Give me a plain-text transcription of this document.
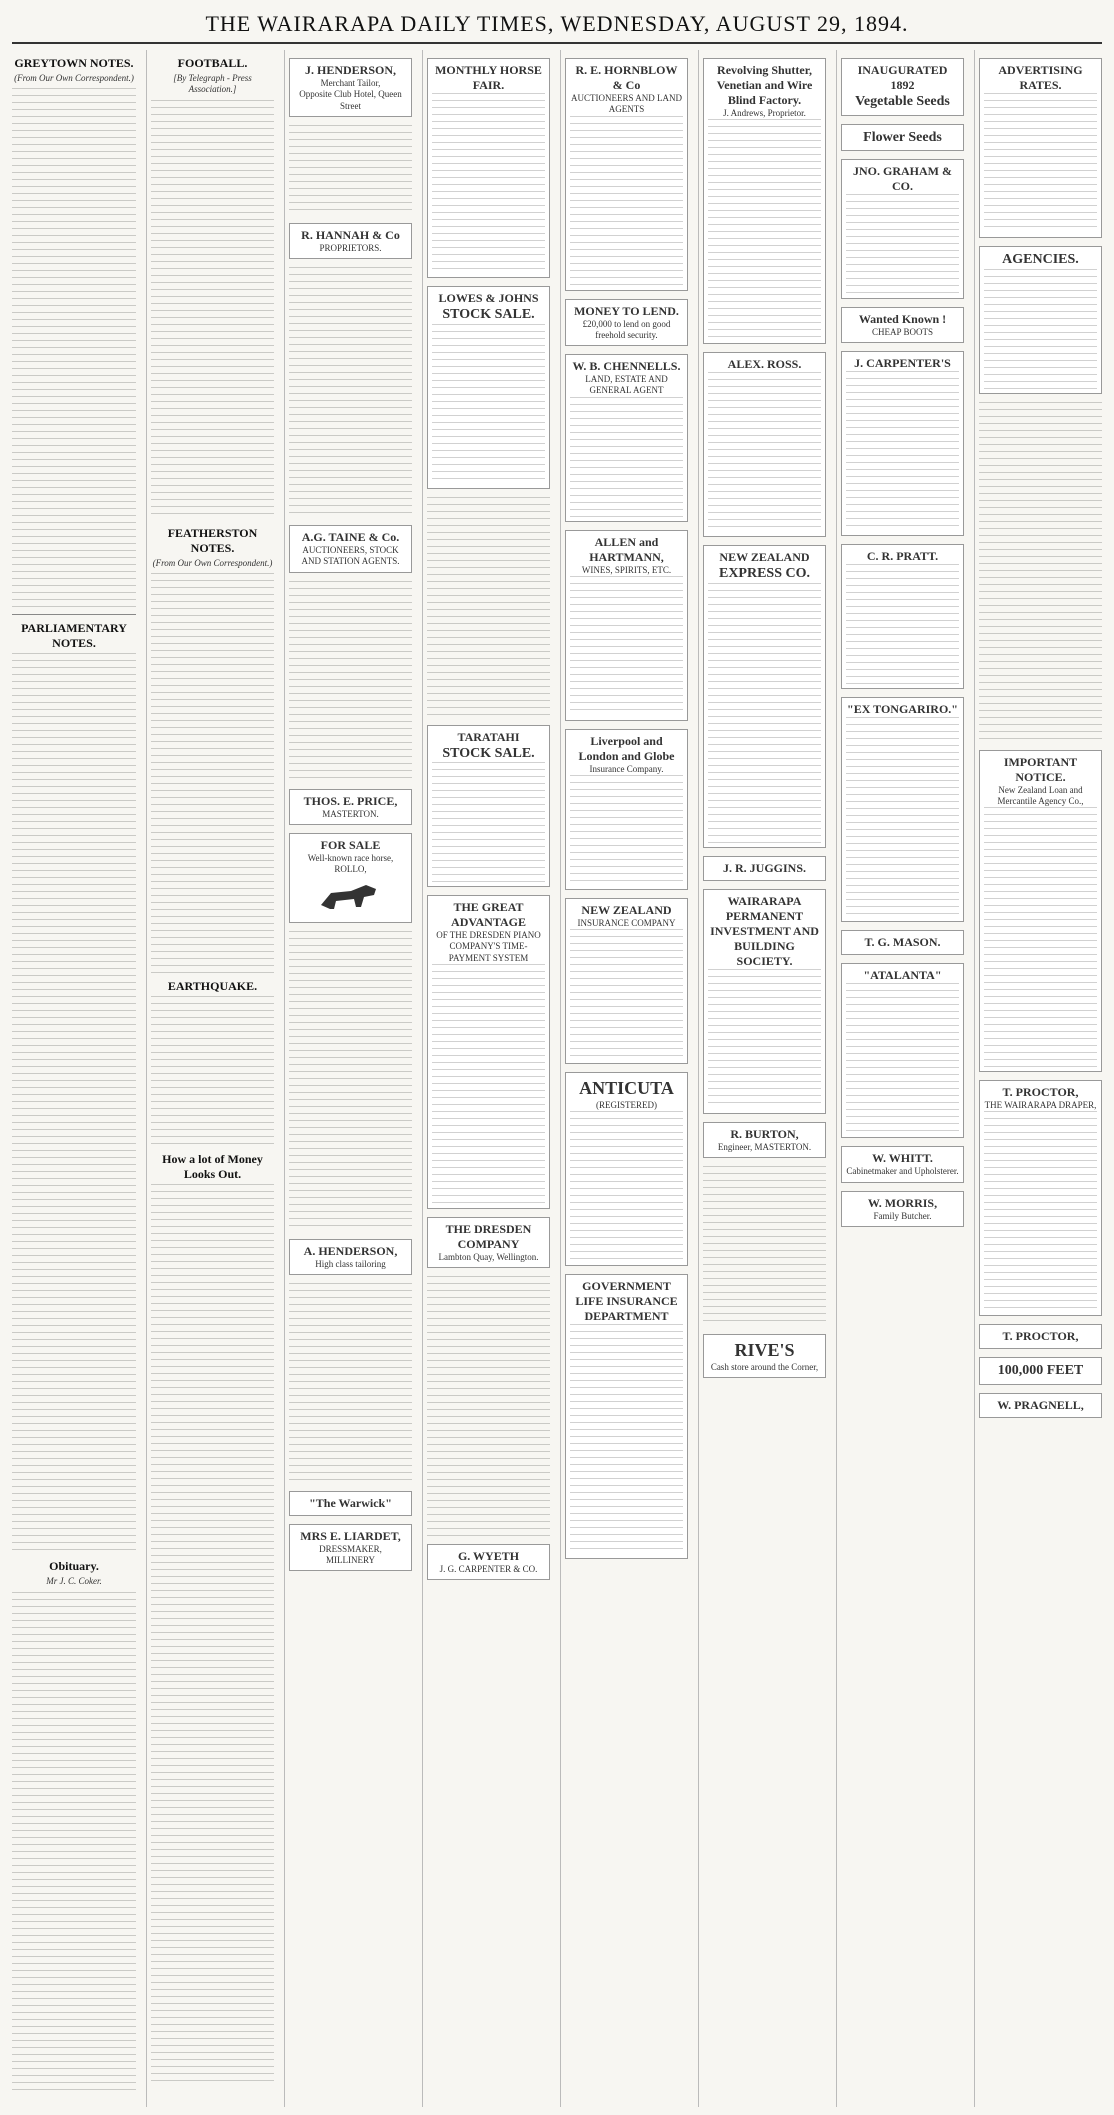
THE WAIRARAPA DAILY TIMES, WEDNESDAY, AUGUST 29, 1894.
GREYTOWN NOTES.
(From Our Own Correspondent.)
PARLIAMENTARY NOTES.
Obituary.
Mr J. C. Coker.
FOOTBALL.
[By Telegraph - Press Association.]
FEATHERSTON NOTES.
(From Our Own Correspondent.)
EARTHQUAKE.
How a lot of Money Looks Out.
J. HENDERSON,
Merchant Tailor,
Opposite Club Hotel, Queen Street
R. HANNAH & Co
PROPRIETORS.
A.G. TAINE & Co.
AUCTIONEERS, STOCK AND STATION AGENTS.
THOS. E. PRICE,
MASTERTON.
FOR SALE
Well-known race horse, ROLLO,
A. HENDERSON,
High class tailoring
"The Warwick"
MRS E. LIARDET,
DRESSMAKER, MILLINERY
MONTHLY HORSE FAIR.
LOWES & JOHNS
STOCK SALE.
TARATAHI
STOCK SALE.
THE GREAT ADVANTAGE
OF THE DRESDEN PIANO COMPANY'S TIME-PAYMENT SYSTEM
THE DRESDEN COMPANY
Lambton Quay, Wellington.
G. WYETH
J. G. CARPENTER & CO.
R. E. HORNBLOW & Co
AUCTIONEERS AND LAND AGENTS
MONEY TO LEND.
£20,000 to lend on good freehold security.
W. B. CHENNELLS.
LAND, ESTATE AND GENERAL AGENT
ALLEN and HARTMANN,
WINES, SPIRITS, ETC.
Liverpool and London and Globe
Insurance Company.
NEW ZEALAND
INSURANCE COMPANY
ANTICUTA
(REGISTERED)
GOVERNMENT LIFE INSURANCE DEPARTMENT
Revolving Shutter, Venetian and Wire Blind Factory.
J. Andrews, Proprietor.
ALEX. ROSS.
NEW ZEALAND
EXPRESS CO.
J. R. JUGGINS.
WAIRARAPA PERMANENT INVESTMENT AND BUILDING SOCIETY.
R. BURTON,
Engineer, MASTERTON.
RIVE'S
Cash store around the Corner,
INAUGURATED 1892
Vegetable Seeds
Flower Seeds
JNO. GRAHAM & CO.
Wanted Known !
CHEAP BOOTS
J. CARPENTER'S
C. R. PRATT.
"EX TONGARIRO."
T. G. MASON.
"ATALANTA"
W. WHITT.
Cabinetmaker and Upholsterer.
W. MORRIS,
Family Butcher.
ADVERTISING RATES.
AGENCIES.
IMPORTANT NOTICE.
New Zealand Loan and Mercantile Agency Co.,
T. PROCTOR,
THE WAIRARAPA DRAPER,
T. PROCTOR,
100,000 FEET
W. PRAGNELL,
